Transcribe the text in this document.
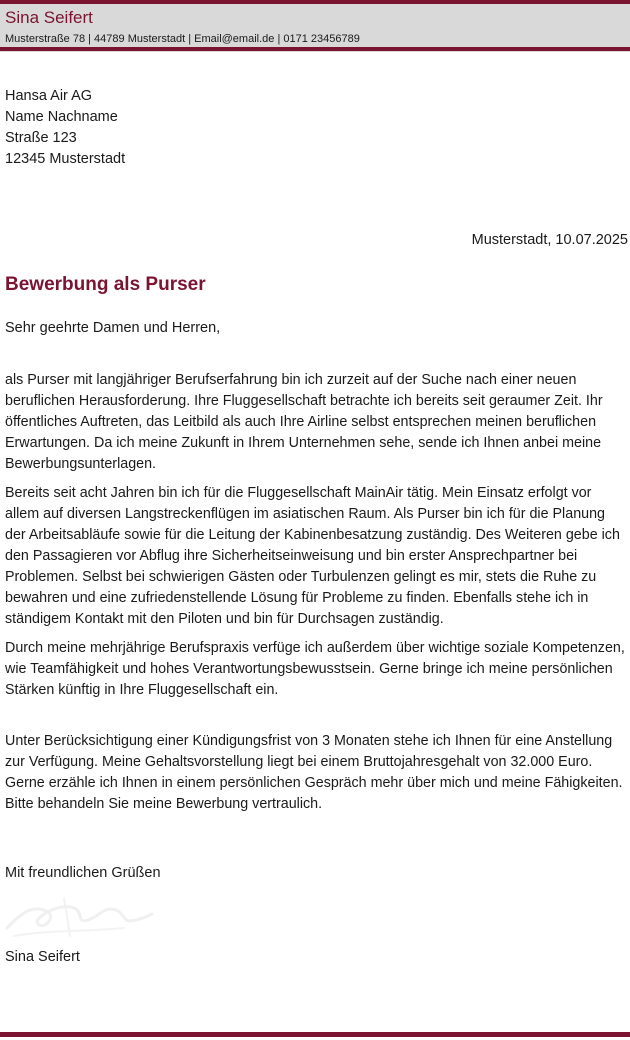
Sina Seifert
Musterstraße 78 | 44789 Musterstadt | Email@email.de | 0171 23456789
Hansa Air AG
Name Nachname
Straße 123
12345 Musterstadt
Musterstadt, 10.07.2025
Bewerbung als Purser
Sehr geehrte Damen und Herren,
als Purser mit langjähriger Berufserfahrung bin ich zurzeit auf der Suche nach einer neuen beruflichen Herausforderung. Ihre Fluggesellschaft betrachte ich bereits seit geraumer Zeit. Ihr öffentliches Auftreten, das Leitbild als auch Ihre Airline selbst entsprechen meinen beruflichen Erwartungen. Da ich meine Zukunft in Ihrem Unternehmen sehe, sende ich Ihnen anbei meine Bewerbungsunterlagen.
Bereits seit acht Jahren bin ich für die Fluggesellschaft MainAir tätig. Mein Einsatz erfolgt vor allem auf diversen Langstreckenflügen im asiatischen Raum. Als Purser bin ich für die Planung der Arbeitsabläufe sowie für die Leitung der Kabinenbesatzung zuständig. Des Weiteren gebe ich den Passagieren vor Abflug ihre Sicherheitseinweisung und bin erster Ansprechpartner bei Problemen. Selbst bei schwierigen Gästen oder Turbulenzen gelingt es mir, stets die Ruhe zu bewahren und eine zufriedenstellende Lösung für Probleme zu finden. Ebenfalls stehe ich in ständigem Kontakt mit den Piloten und bin für Durchsagen zuständig.
Durch meine mehrjährige Berufspraxis verfüge ich außerdem über wichtige soziale Kompetenzen, wie Teamfähigkeit und hohes Verantwortungsbewusstsein. Gerne bringe ich meine persönlichen Stärken künftig in Ihre Fluggesellschaft ein.
Unter Berücksichtigung einer Kündigungsfrist von 3 Monaten stehe ich Ihnen für eine Anstellung zur Verfügung. Meine Gehaltsvorstellung liegt bei einem Bruttojahresgehalt von 32.000 Euro. Gerne erzähle ich Ihnen in einem persönlichen Gespräch mehr über mich und meine Fähigkeiten. Bitte behandeln Sie meine Bewerbung vertraulich.
Mit freundlichen Grüßen
Sina Seifert
